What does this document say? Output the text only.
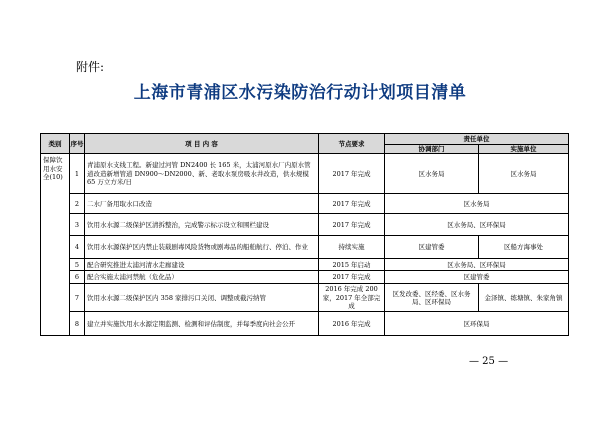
附件:
上海市青浦区水污染防治行动计划项目清单
类别	序号	项 目 内 容	节点要求	责任单位	
				协调部门	实施单位
保障饮用水安全(10)	1	青浦原水支线工程。新建过河管 DN2400 长 165 米，太浦河原水厂内原水管道改造新增管道 DN900～DN2000、新、老取水泵房吸水井改造，供水规模 65 万立方米/日	2017 年完成	区水务局	区水务局
	2	二水厂备用取水口改造	2017 年完成	区水务局	
	3	饮用水水源二级保护区清拆整治，完成警示标示设立和围栏建设	2017 年完成	区水务局、区环保局	
	4	饮用水水源保护区内禁止装载剧毒风险货物或剧毒品的船舶航行、停泊、作业	持续实施	区建管委	区船方海事处
	5	配合研究推进太浦河清水走廊建设	2015 年启动	区水务局、区环保局	
	6	配合实施太浦河禁航（危化品）	2017 年完成	区建管委	
	7	饮用水水源二级保护区内 358 家排污口关闭、调整或截污纳管	2016 年完成 200 家，2017 年全部完成	区发改委、区经委、区水务局、区环保局	金泽镇、练塘镇、朱家角镇
	8	建立并实施饮用水水源定期监测、检测和评估制度，并每季度向社会公开	2016 年完成	区环保局	
— 25 —
